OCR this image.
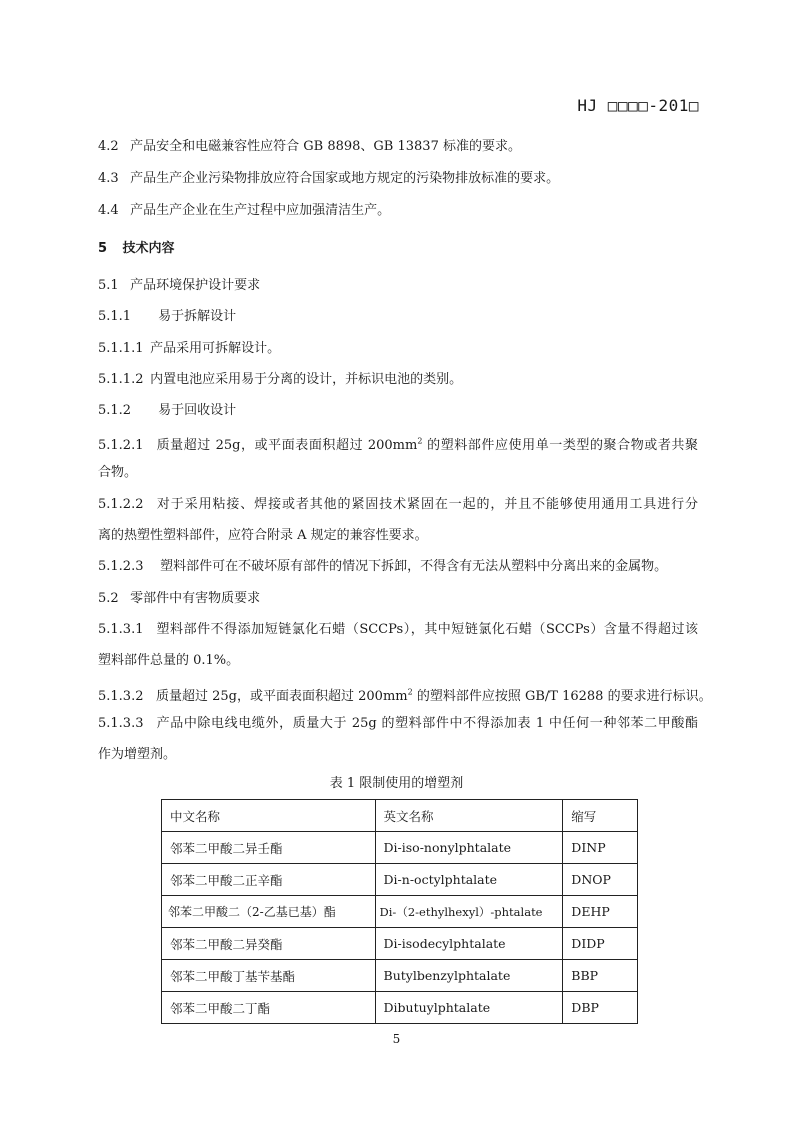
HJ □□□□-201□
4.2 产品安全和电磁兼容性应符合 GB 8898、GB 13837 标准的要求。
4.3 产品生产企业污染物排放应符合国家或地方规定的污染物排放标准的要求。
4.4 产品生产企业在生产过程中应加强清洁生产。
5 技术内容
5.1 产品环境保护设计要求
5.1.1 易于拆解设计
5.1.1.1 产品采用可拆解设计。
5.1.1.2 内置电池应采用易于分离的设计，并标识电池的类别。
5.1.2 易于回收设计
5.1.2.1 质量超过 25g，或平面表面积超过 $200mm^2$ 的塑料部件应使用单一类型的聚合物或者共聚
合物。
5.1.2.2 对于采用粘接、焊接或者其他的紧固技术紧固在一起的，并且不能够使用通用工具进行分
离的热塑性塑料部件，应符合附录 A 规定的兼容性要求。
5.1.2.3 塑料部件可在不破坏原有部件的情况下拆卸，不得含有无法从塑料中分离出来的金属物。
5.2 零部件中有害物质要求
5.1.3.1 塑料部件不得添加短链氯化石蜡（SCCPs），其中短链氯化石蜡（SCCPs）含量不得超过该
塑料部件总量的 0.1%。
5.1.3.2 质量超过 25g，或平面表面积超过 $200mm^2$ 的塑料部件应按照 GB/T 16288 的要求进行标识。
5.1.3.3 产品中除电线电缆外，质量大于 25g 的塑料部件中不得添加表 1 中任何一种邻苯二甲酸酯
作为增塑剂。
表 1 限制使用的增塑剂
中文名称	英文名称	缩写
邻苯二甲酸二异壬酯	Di-iso-nonylphtalate	DINP
邻苯二甲酸二正辛酯	Di-n-octylphtalate	DNOP
邻苯二甲酸二（2-乙基已基）酯	Di-（2-ethylhexyl）-phtalate	DEHP
邻苯二甲酸二异癸酯	Di-isodecylphtalate	DIDP
邻苯二甲酸丁基苄基酯	Butylbenzylphtalate	BBP
邻苯二甲酸二丁酯	Dibutuylphtalate	DBP
5
